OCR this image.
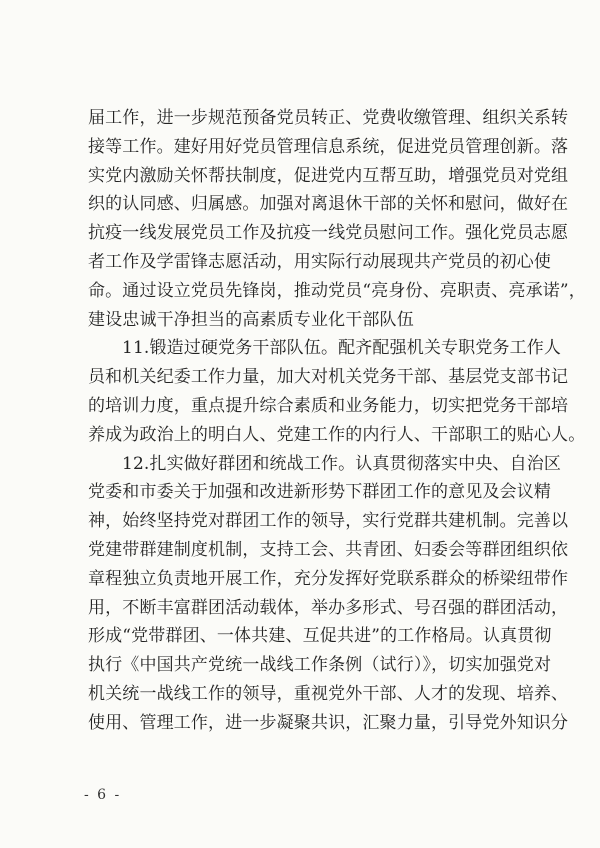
届工作，进一步规范预备党员转正、党费收缴管理、组织关系转
接等工作。建好用好党员管理信息系统，促进党员管理创新。落
实党内激励关怀帮扶制度，促进党内互帮互助，增强党员对党组
织的认同感、归属感。加强对离退休干部的关怀和慰问，做好在
抗疫一线发展党员工作及抗疫一线党员慰问工作。强化党员志愿
者工作及学雷锋志愿活动，用实际行动展现共产党员的初心使
命。通过设立党员先锋岗，推动党员“亮身份、亮职责、亮承诺”，
建设忠诚干净担当的高素质专业化干部队伍
11.锻造过硬党务干部队伍。配齐配强机关专职党务工作人
员和机关纪委工作力量，加大对机关党务干部、基层党支部书记
的培训力度，重点提升综合素质和业务能力，切实把党务干部培
养成为政治上的明白人、党建工作的内行人、干部职工的贴心人。
12.扎实做好群团和统战工作。认真贯彻落实中央、自治区
党委和市委关于加强和改进新形势下群团工作的意见及会议精
神，始终坚持党对群团工作的领导，实行党群共建机制。完善以
党建带群建制度机制，支持工会、共青团、妇委会等群团组织依
章程独立负责地开展工作，充分发挥好党联系群众的桥梁纽带作
用，不断丰富群团活动载体，举办多形式、号召强的群团活动，
形成“党带群团、一体共建、互促共进”的工作格局。认真贯彻
执行《中国共产党统一战线工作条例（试行）》，切实加强党对
机关统一战线工作的领导，重视党外干部、人才的发现、培养、
使用、管理工作，进一步凝聚共识，汇聚力量，引导党外知识分
- 6 -
